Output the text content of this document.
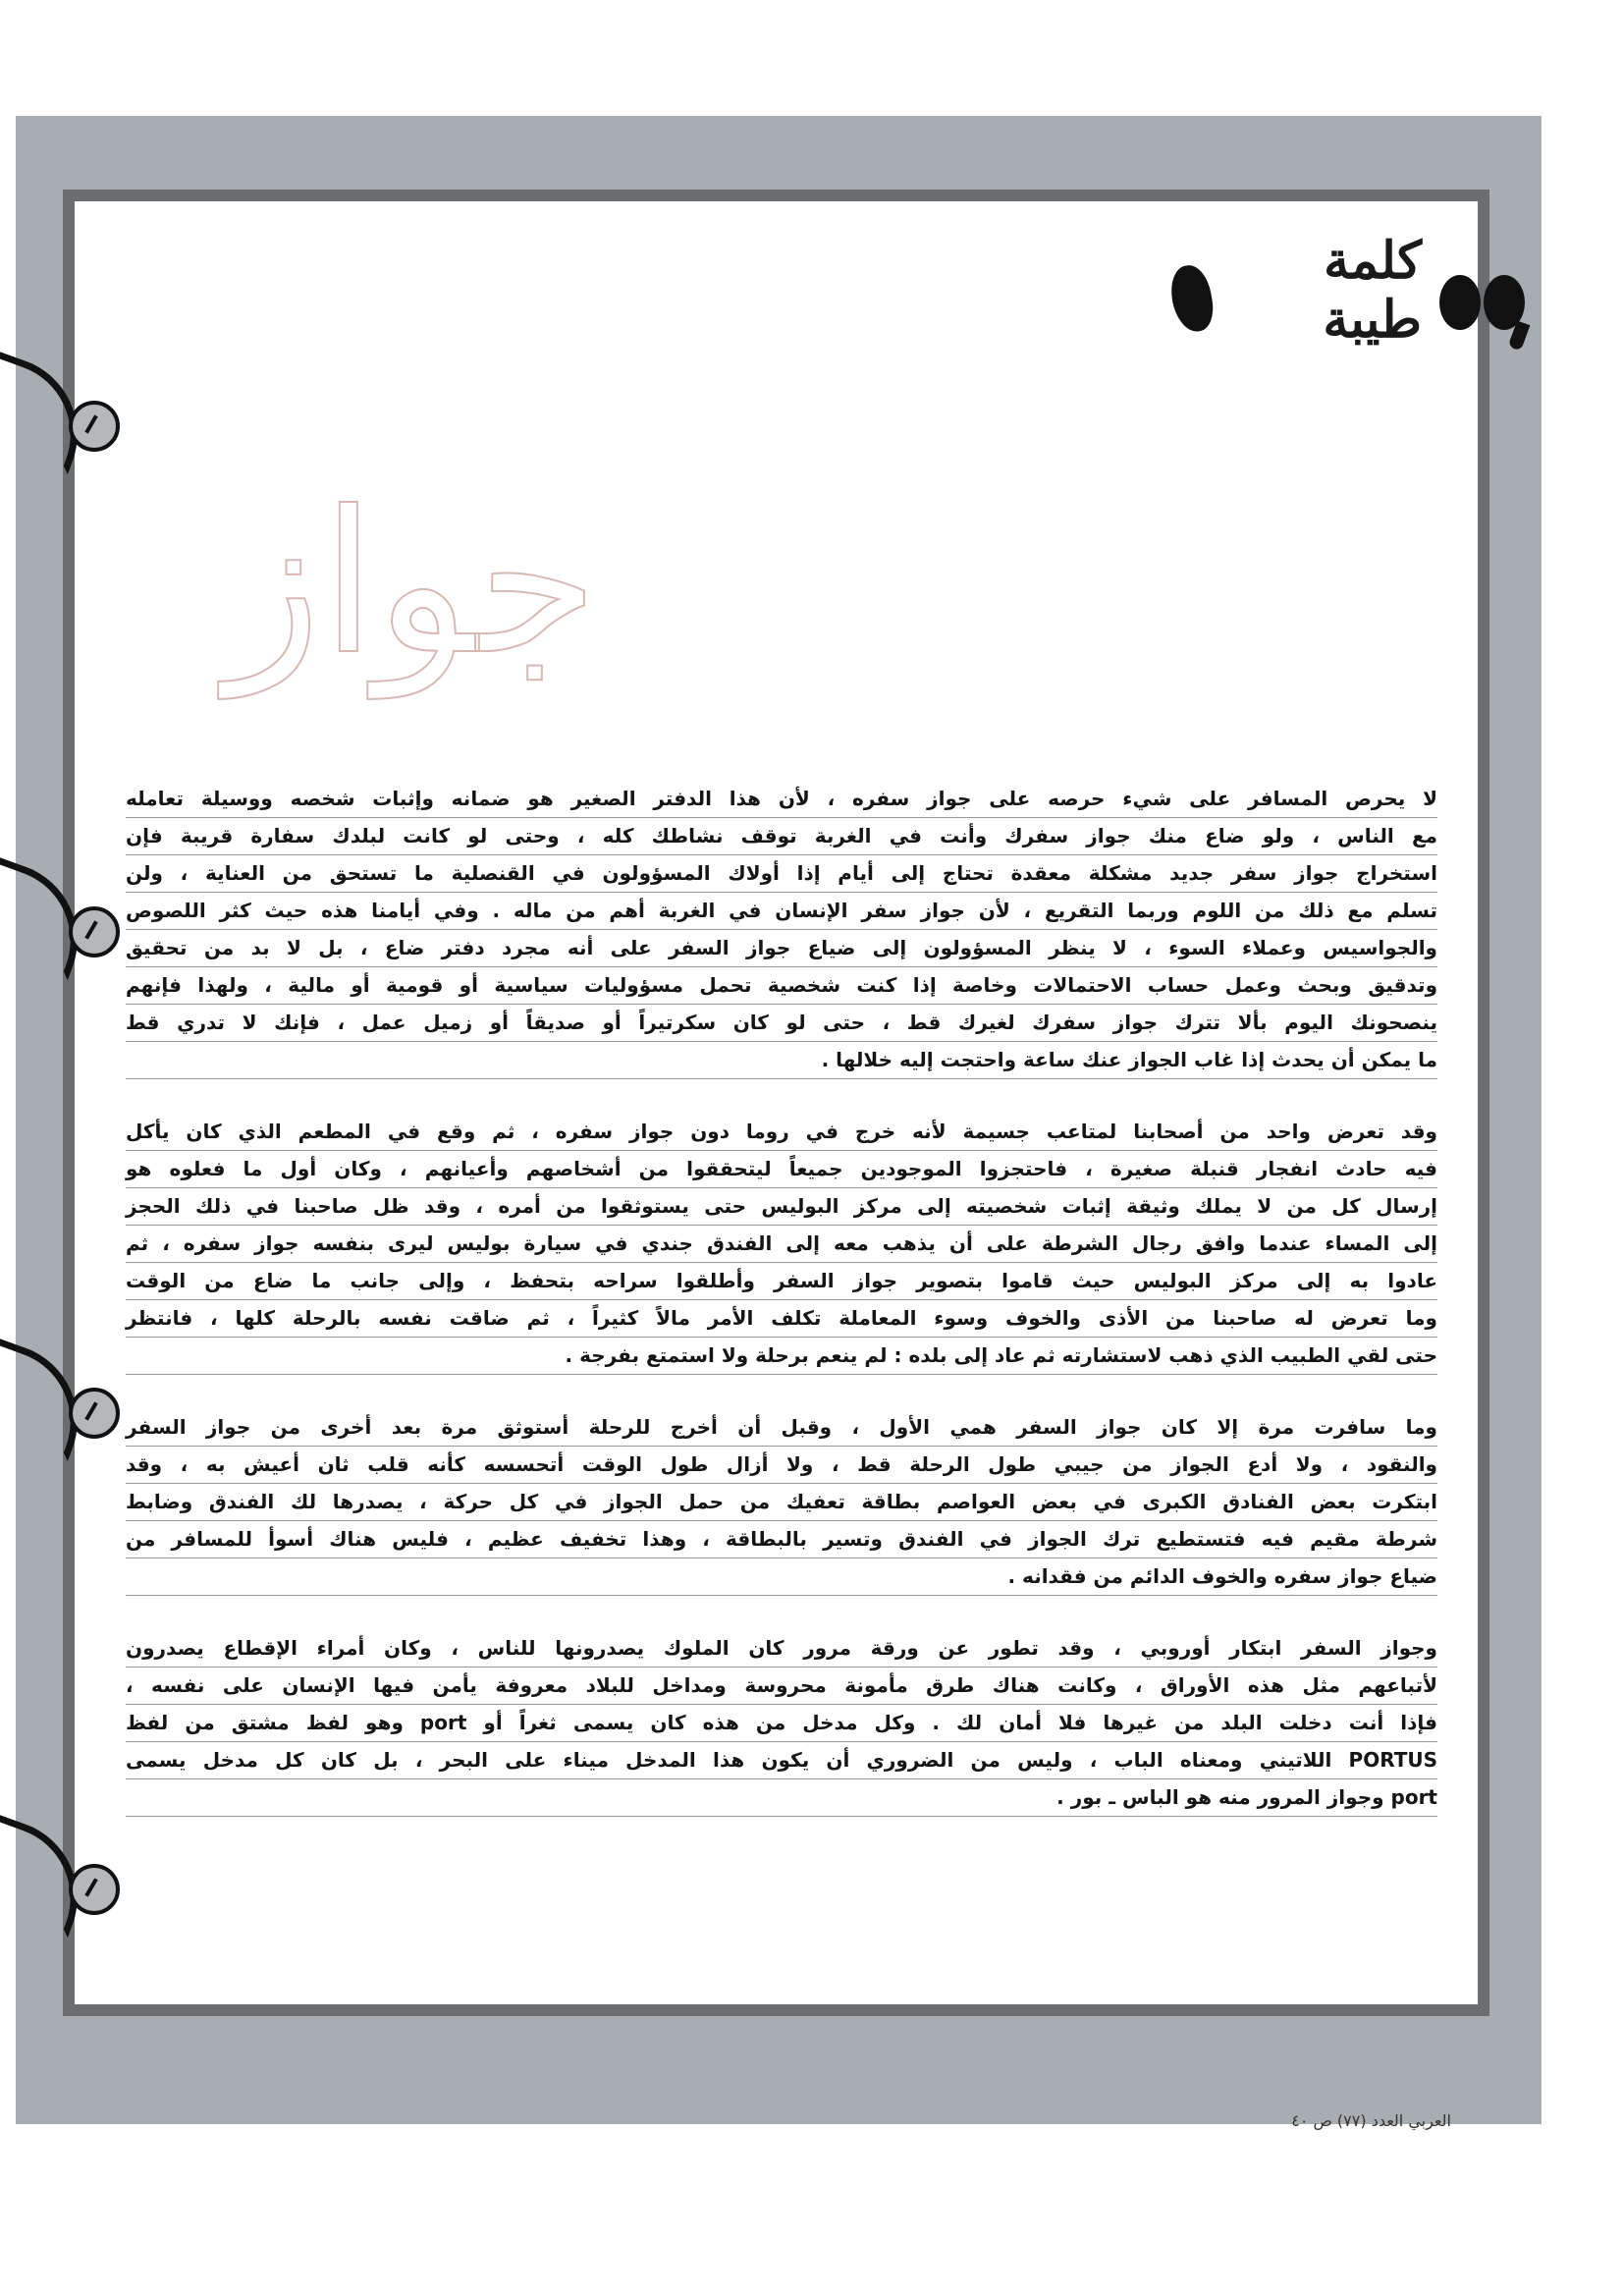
كلمة
طيبة
جواز
لا يحرص المسافر على شيء حرصه على جواز سفره ، لأن هذا الدفتر الصغير هو ضمانه وإثبات شخصه ووسيلة تعامله
مع الناس ، ولو ضاع منك جواز سفرك وأنت في الغربة توقف نشاطك كله ، وحتى لو كانت لبلدك سفارة قريبة فإن
استخراج جواز سفر جديد مشكلة معقدة تحتاج إلى أيام إذا أولاك المسؤولون في القنصلية ما تستحق من العناية ، ولن
تسلم مع ذلك من اللوم وربما التقريع ، لأن جواز سفر الإنسان في الغربة أهم من ماله . وفي أيامنا هذه حيث كثر اللصوص
والجواسيس وعملاء السوء ، لا ينظر المسؤولون إلى ضياع جواز السفر على أنه مجرد دفتر ضاع ، بل لا بد من تحقيق
وتدقيق وبحث وعمل حساب الاحتمالات وخاصة إذا كنت شخصية تحمل مسؤوليات سياسية أو قومية أو مالية ، ولهذا فإنهم
ينصحونك اليوم بألا تترك جواز سفرك لغيرك قط ، حتى لو كان سكرتيراً أو صديقاً أو زميل عمل ، فإنك لا تدري قط
ما يمكن أن يحدث إذا غاب الجواز عنك ساعة واحتجت إليه خلالها .
وقد تعرض واحد من أصحابنا لمتاعب جسيمة لأنه خرج في روما دون جواز سفره ، ثم وقع في المطعم الذي كان يأكل
فيه حادث انفجار قنبلة صغيرة ، فاحتجزوا الموجودين جميعاً ليتحققوا من أشخاصهم وأعيانهم ، وكان أول ما فعلوه هو
إرسال كل من لا يملك وثيقة إثبات شخصيته إلى مركز البوليس حتى يستوثقوا من أمره ، وقد ظل صاحبنا في ذلك الحجز
إلى المساء عندما وافق رجال الشرطة على أن يذهب معه إلى الفندق جندي في سيارة بوليس ليرى بنفسه جواز سفره ، ثم
عادوا به إلى مركز البوليس حيث قاموا بتصوير جواز السفر وأطلقوا سراحه بتحفظ ، وإلى جانب ما ضاع من الوقت
وما تعرض له صاحبنا من الأذى والخوف وسوء المعاملة تكلف الأمر مالاً كثيراً ، ثم ضاقت نفسه بالرحلة كلها ، فانتظر
حتى لقي الطبيب الذي ذهب لاستشارته ثم عاد إلى بلده : لم ينعم برحلة ولا استمتع بفرجة .
وما سافرت مرة إلا كان جواز السفر همي الأول ، وقبل أن أخرج للرحلة أستوثق مرة بعد أخرى من جواز السفر
والنقود ، ولا أدع الجواز من جيبي طول الرحلة قط ، ولا أزال طول الوقت أتحسسه كأنه قلب ثان أعيش به ، وقد
ابتكرت بعض الفنادق الكبرى في بعض العواصم بطاقة تعفيك من حمل الجواز في كل حركة ، يصدرها لك الفندق وضابط
شرطة مقيم فيه فتستطيع ترك الجواز في الفندق وتسير بالبطاقة ، وهذا تخفيف عظيم ، فليس هناك أسوأ للمسافر من
ضياع جواز سفره والخوف الدائم من فقدانه .
وجواز السفر ابتكار أوروبي ، وقد تطور عن ورقة مرور كان الملوك يصدرونها للناس ، وكان أمراء الإقطاع يصدرون
لأتباعهم مثل هذه الأوراق ، وكانت هناك طرق مأمونة محروسة ومداخل للبلاد معروفة يأمن فيها الإنسان على نفسه ،
فإذا أنت دخلت البلد من غيرها فلا أمان لك . وكل مدخل من هذه كان يسمى ثغراً أو port وهو لفظ مشتق من لفظ
PORTUS اللاتيني ومعناه الباب ، وليس من الضروري أن يكون هذا المدخل ميناء على البحر ، بل كان كل مدخل يسمى
port وجواز المرور منه هو الباس ـ بور .
العربي العدد (٧٧) ص ٤٠
